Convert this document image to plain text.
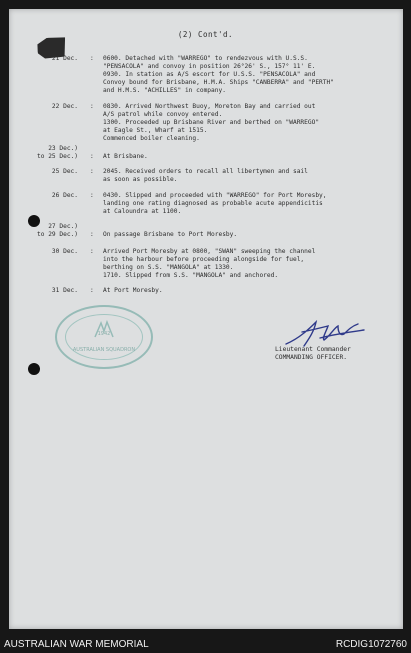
(2) Cont'd.
21 Dec. : 0600. Detached with "WARREGO" to rendezvous with U.S.S.
"PENSACOLA" and convoy in position 26°26' S., 157° 11' E.
0930. In station as A/S escort for U.S.S. "PENSACOLA" and
Convoy bound for Brisbane, H.M.A. Ships "CANBERRA" and "PERTH"
and H.M.S. "ACHILLES" in company.
22 Dec. : 0830. Arrived Northwest Buoy, Moreton Bay and carried out
A/S patrol while convoy entered.
1300. Proceeded up Brisbane River and berthed on "WARREGO"
at Eagle St., Wharf at 1515.
Commenced boiler cleaning.
23 Dec.)
to 25 Dec.) : At Brisbane.
25 Dec. : 2045. Received orders to recall all libertymen and sail
as soon as possible.
26 Dec. : 0430. Slipped and proceeded with "WARREGO" for Port Moresby,
landing one rating diagnosed as probable acute appendicitis
at Caloundra at 1100.
27 Dec.)
to 29 Dec.) : On passage Brisbane to Port Moresby.
30 Dec. : Arrived Port Moresby at 0800, "SWAN" sweeping the channel
into the harbour before proceeding alongside for fuel,
berthing on S.S. "MANGOLA" at 1330.
1710. Slipped from S.S. "MANGOLA" and anchored.
31 Dec. : At Port Moresby.
AUSTRALIAN SQUADRON
1942
Lieutenant Commander
COMMANDING OFFICER.
AUSTRALIAN WAR MEMORIAL	RCDIG1072760
